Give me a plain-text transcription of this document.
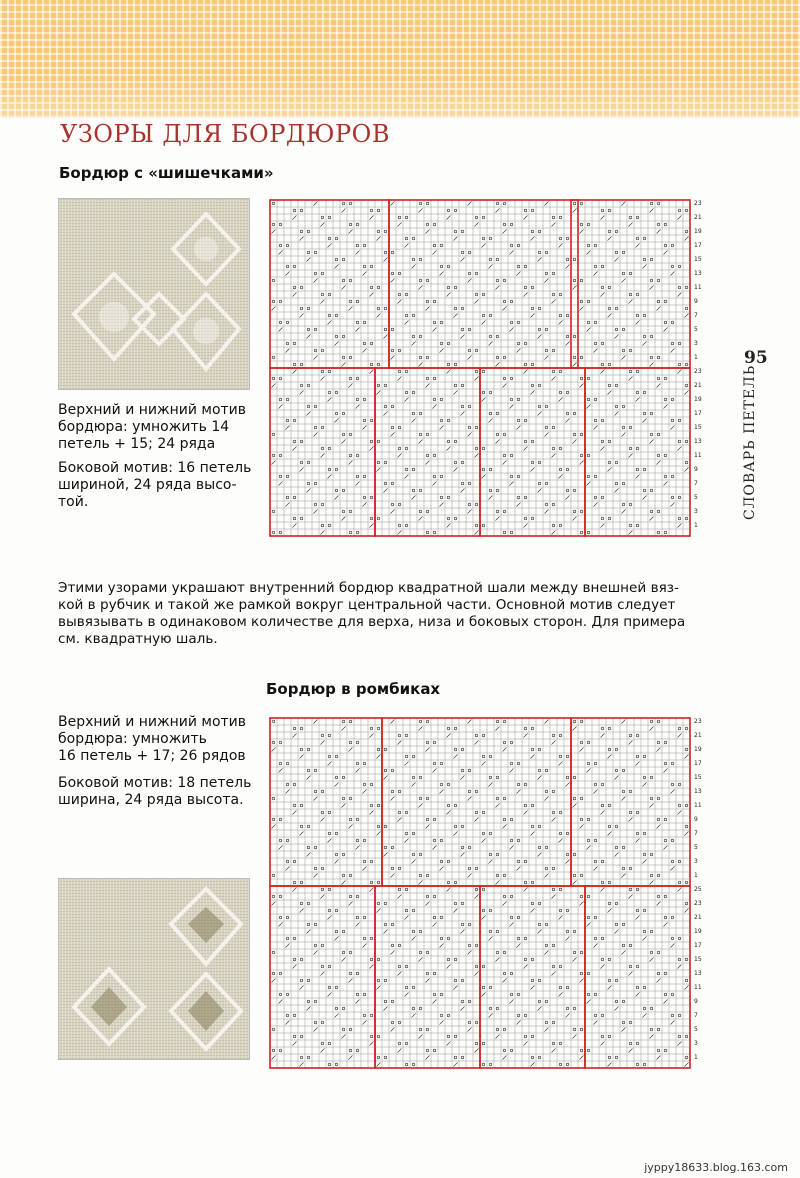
УЗОРЫ ДЛЯ БОРДЮРОВ
Бордюр с «шишечками»

Верхний и нижний мотив
бордюра: умножить 14
петель + 15; 24 ряда

Боковой мотив: 16 петель
шириной, 24 ряда высо-
той.

23
21
19
17
15
13
11
9
7
5
3
1
23
21
19
17
15
13
11
9
7
5
3
1

Этими узорами украшают внутренний бордюр квадратной шали между внешней вяз-
кой в рубчик и такой же рамкой вокруг центральной части. Основной мотив следует
вывязывать в одинаковом количестве для верха, низа и боковых сторон. Для примера
см. квадратную шаль.

Бордюр в ромбиках

Верхний и нижний мотив
бордюра: умножить
16 петель + 17; 26 рядов

Боковой мотив: 18 петель
ширина, 24 ряда высота.

23
21
19
17
15
13
11
9
7
5
3
1
25
23
21
19
17
15
13
11
9
7
5
3
1
95
СЛОВАРЬ ПЕТЕЛЬ
jyppy18633.blog.163.com
